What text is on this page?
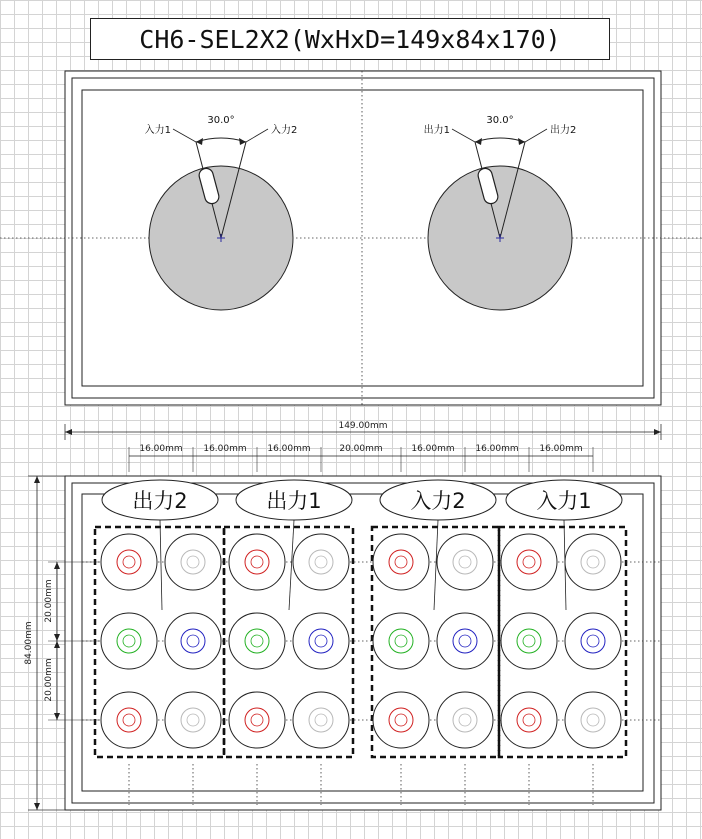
CH6-SEL2X2(WxHxD=149x84x170)
30.0°
入力1	入力2
30.0°
出力1	出力2
149.00mm
16.00mm 16.00mm 16.00mm	20.00mm	16.00mm 16.00mm 16.00mm
84.00mm
20.00mm
20.00mm
出力2	出力1	入力2	入力1
